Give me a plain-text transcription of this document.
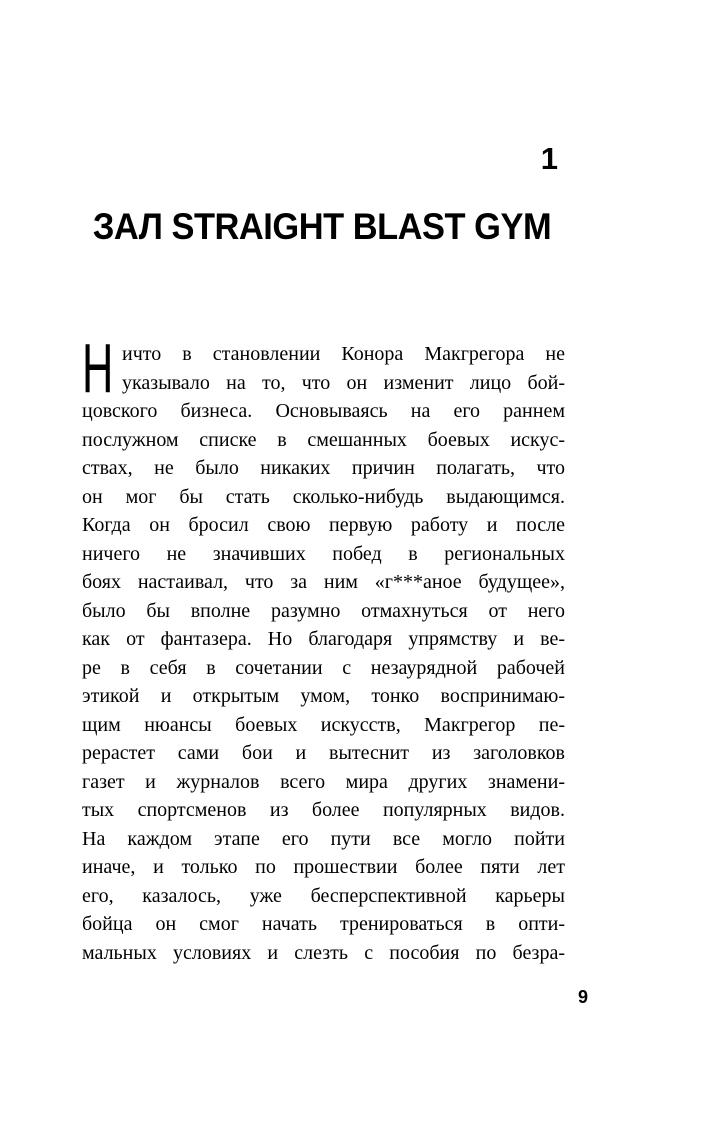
1
ЗАЛ STRAIGHT BLAST GYM
Н ичто в становлении Конора Макгрегора не
указывало на то, что он изменит лицо бой-
цовского бизнеса. Основываясь на его раннем
послужном списке в смешанных боевых искус-
ствах, не было никаких причин полагать, что
он мог бы стать сколько-нибудь выдающимся.
Когда он бросил свою первую работу и после
ничего не значивших побед в региональных
боях настаивал, что за ним «г***аное будущее»,
было бы вполне разумно отмахнуться от него
как от фантазера. Но благодаря упрямству и ве-
ре в себя в сочетании с незаурядной рабочей
этикой и открытым умом, тонко воспринимаю-
щим нюансы боевых искусств, Макгрегор пе-
рерастет сами бои и вытеснит из заголовков
газет и журналов всего мира других знамени-
тых спортсменов из более популярных видов.
На каждом этапе его пути все могло пойти
иначе, и только по прошествии более пяти лет
его, казалось, уже бесперспективной карьеры
бойца он смог начать тренироваться в опти-
мальных условиях и слезть с пособия по безра-
9
